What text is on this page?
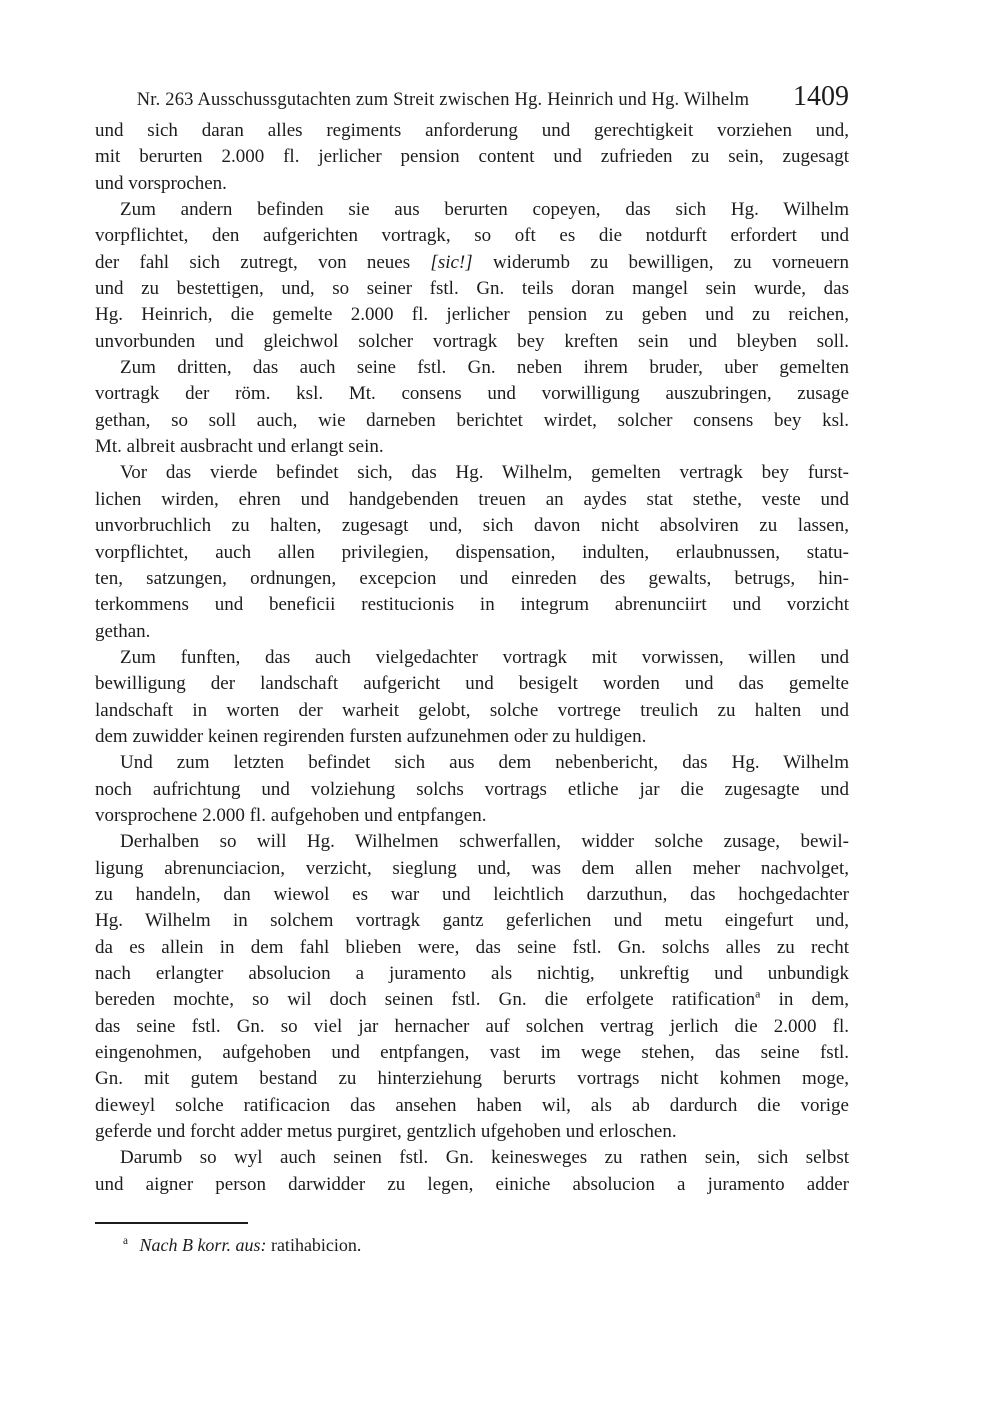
Nr. 263 Ausschussgutachten zum Streit zwischen Hg. Heinrich und Hg. Wilhelm	1409
und sich daran alles regiments anforderung und gerechtigkeit vorziehen und,
mit berurten 2.000 fl. jerlicher pension content und zufrieden zu sein, zugesagt
und vorsprochen.
Zum andern befinden sie aus berurten copeyen, das sich Hg. Wilhelm
vorpflichtet, den aufgerichten vortragk, so oft es die notdurft erfordert und
der fahl sich zutregt, von neues [sic!] widerumb zu bewilligen, zu vorneuern
und zu bestettigen, und, so seiner fstl. Gn. teils doran mangel sein wurde, das
Hg. Heinrich, die gemelte 2.000 fl. jerlicher pension zu geben und zu reichen,
unvorbunden und gleichwol solcher vortragk bey kreften sein und bleyben soll.
Zum dritten, das auch seine fstl. Gn. neben ihrem bruder, uber gemelten
vortragk der röm. ksl. Mt. consens und vorwilligung auszubringen, zusage
gethan, so soll auch, wie darneben berichtet wirdet, solcher consens bey ksl.
Mt. albreit ausbracht und erlangt sein.
Vor das vierde befindet sich, das Hg. Wilhelm, gemelten vertragk bey furst-
lichen wirden, ehren und handgebenden treuen an aydes stat stethe, veste und
unvorbruchlich zu halten, zugesagt und, sich davon nicht absolviren zu lassen,
vorpflichtet, auch allen privilegien, dispensation, indulten, erlaubnussen, statu-
ten, satzungen, ordnungen, excepcion und einreden des gewalts, betrugs, hin-
terkommens und beneficii restitucionis in integrum abrenunciirt und vorzicht
gethan.
Zum funften, das auch vielgedachter vortragk mit vorwissen, willen und
bewilligung der landschaft aufgericht und besigelt worden und das gemelte
landschaft in worten der warheit gelobt, solche vortrege treulich zu halten und
dem zuwidder keinen regirenden fursten aufzunehmen oder zu huldigen.
Und zum letzten befindet sich aus dem nebenbericht, das Hg. Wilhelm
noch aufrichtung und volziehung solchs vortrags etliche jar die zugesagte und
vorsprochene 2.000 fl. aufgehoben und entpfangen.
Derhalben so will Hg. Wilhelmen schwerfallen, widder solche zusage, bewil-
ligung abrenunciacion, verzicht, sieglung und, was dem allen meher nachvolget,
zu handeln, dan wiewol es war und leichtlich darzuthun, das hochgedachter
Hg. Wilhelm in solchem vortragk gantz geferlichen und metu eingefurt und,
da es allein in dem fahl blieben were, das seine fstl. Gn. solchs alles zu recht
nach erlangter absolucion a juramento als nichtig, unkreftig und unbundigk
bereden mochte, so wil doch seinen fstl. Gn. die erfolgete ratification$^a$ in dem,
das seine fstl. Gn. so viel jar hernacher auf solchen vertrag jerlich die 2.000 fl.
eingenohmen, aufgehoben und entpfangen, vast im wege stehen, das seine fstl.
Gn. mit gutem bestand zu hinterziehung berurts vortrags nicht kohmen moge,
dieweyl solche ratificacion das ansehen haben wil, als ab dardurch die vorige
geferde und forcht adder metus purgiret, gentzlich ufgehoben und erloschen.
Darumb so wyl auch seinen fstl. Gn. keinesweges zu rathen sein, sich selbst
und aigner person darwidder zu legen, einiche absolucion a juramento adder
$^a$ Nach B korr. aus: ratihabicion.
